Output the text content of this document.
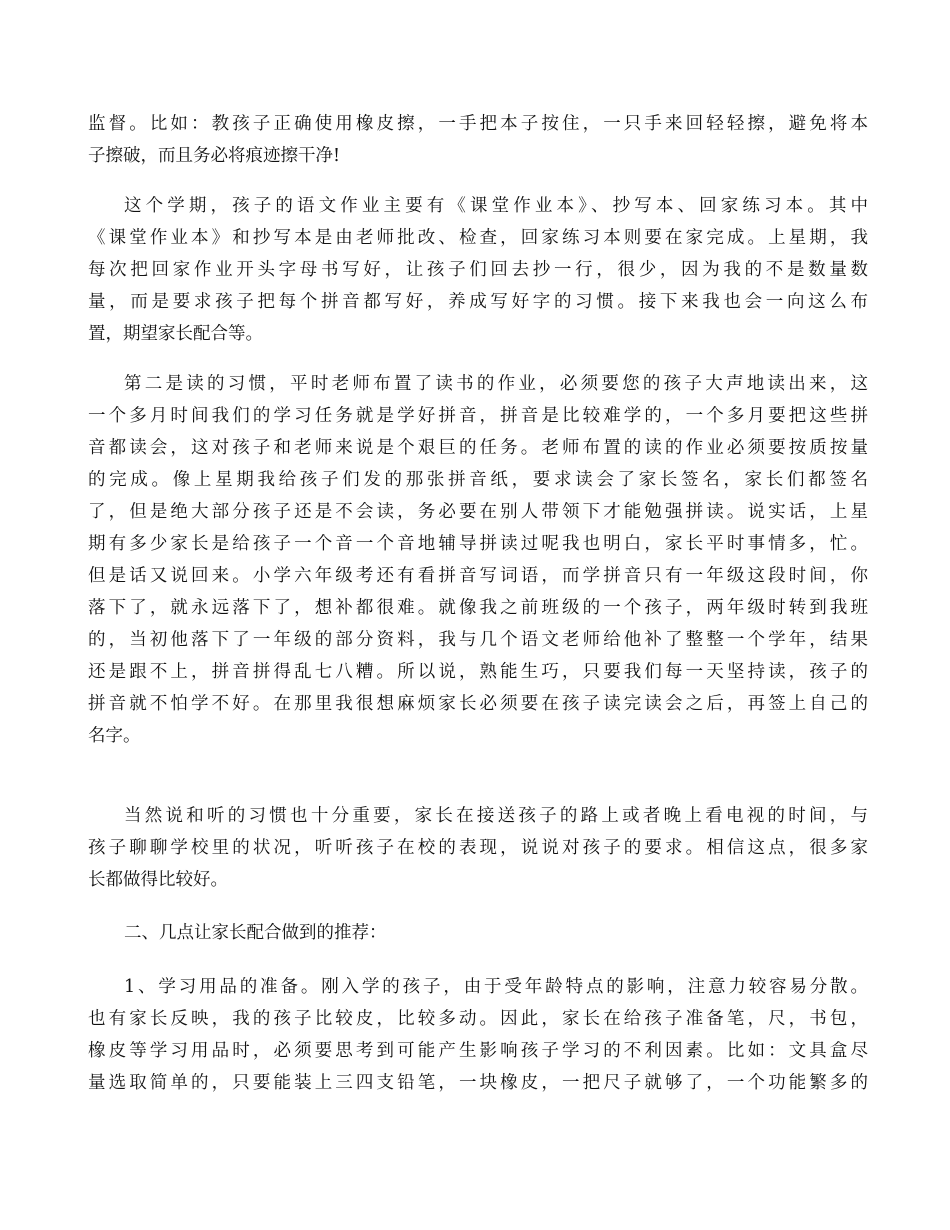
监督。比如：教孩子正确使用橡皮擦，一手把本子按住，一只手来回轻轻擦，避免将本
子擦破，而且务必将痕迹擦干净!
这个学期，孩子的语文作业主要有《课堂作业本》、抄写本、回家练习本。其中
《课堂作业本》和抄写本是由老师批改、检查，回家练习本则要在家完成。上星期，我
每次把回家作业开头字母书写好，让孩子们回去抄一行，很少，因为我的不是数量数
量，而是要求孩子把每个拼音都写好，养成写好字的习惯。接下来我也会一向这么布
置，期望家长配合等。
第二是读的习惯，平时老师布置了读书的作业，必须要您的孩子大声地读出来，这
一个多月时间我们的学习任务就是学好拼音，拼音是比较难学的，一个多月要把这些拼
音都读会，这对孩子和老师来说是个艰巨的任务。老师布置的读的作业必须要按质按量
的完成。像上星期我给孩子们发的那张拼音纸，要求读会了家长签名，家长们都签名
了，但是绝大部分孩子还是不会读，务必要在别人带领下才能勉强拼读。说实话，上星
期有多少家长是给孩子一个音一个音地辅导拼读过呢我也明白，家长平时事情多，忙。
但是话又说回来。小学六年级考还有看拼音写词语，而学拼音只有一年级这段时间，你
落下了，就永远落下了，想补都很难。就像我之前班级的一个孩子，两年级时转到我班
的，当初他落下了一年级的部分资料，我与几个语文老师给他补了整整一个学年，结果
还是跟不上，拼音拼得乱七八糟。所以说，熟能生巧，只要我们每一天坚持读，孩子的
拼音就不怕学不好。在那里我很想麻烦家长必须要在孩子读完读会之后，再签上自己的
名字。
当然说和听的习惯也十分重要，家长在接送孩子的路上或者晚上看电视的时间，与
孩子聊聊学校里的状况，听听孩子在校的表现，说说对孩子的要求。相信这点，很多家
长都做得比较好。
二、几点让家长配合做到的推荐：
1、学习用品的准备。刚入学的孩子，由于受年龄特点的影响，注意力较容易分散。
也有家长反映，我的孩子比较皮，比较多动。因此，家长在给孩子准备笔，尺，书包，
橡皮等学习用品时，必须要思考到可能产生影响孩子学习的不利因素。比如：文具盒尽
量选取简单的，只要能装上三四支铅笔，一块橡皮，一把尺子就够了，一个功能繁多的
